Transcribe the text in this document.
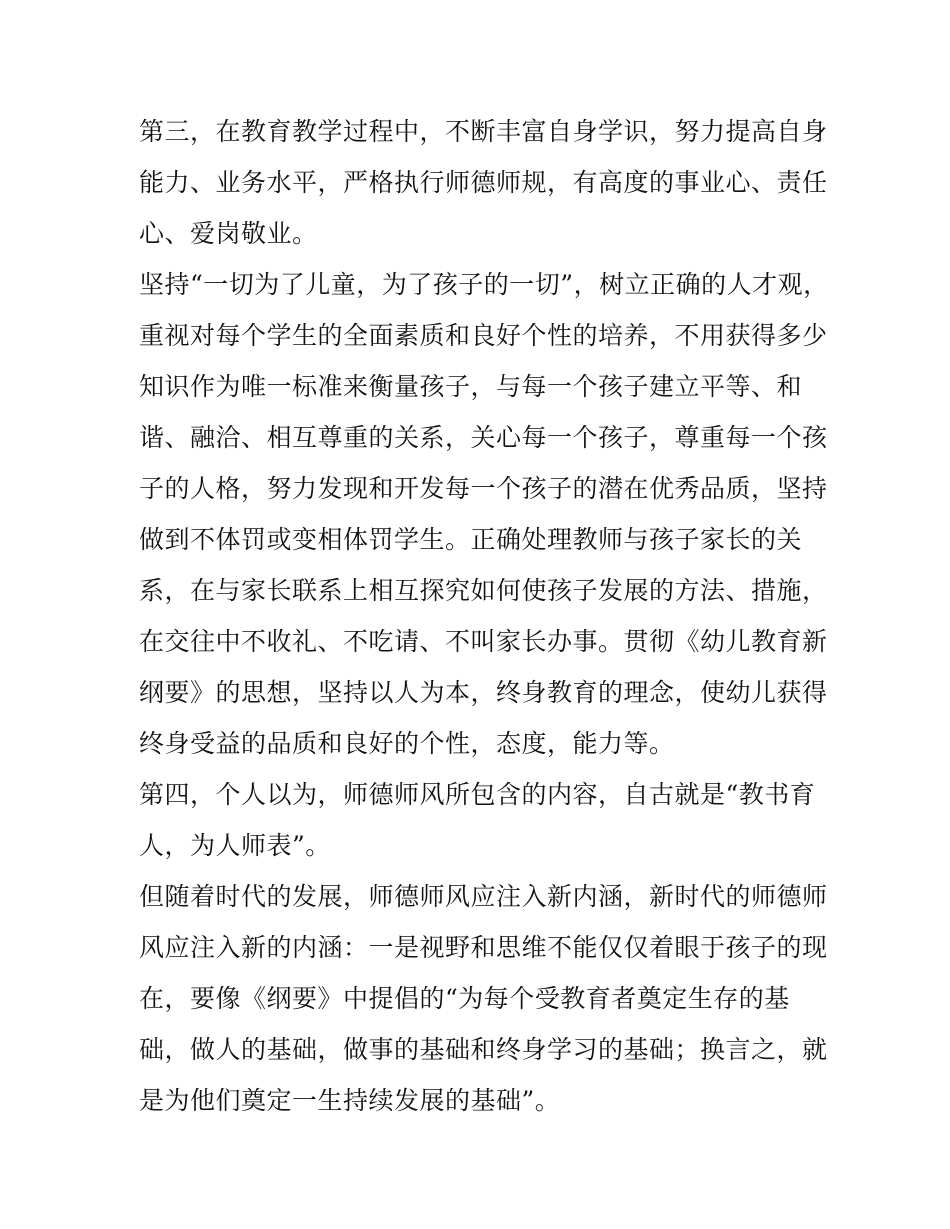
第三，在教育教学过程中，不断丰富自身学识，努力提高自身
能力、业务水平，严格执行师德师规，有高度的事业心、责任
心、爱岗敬业。
坚持“一切为了儿童，为了孩子的一切”，树立正确的人才观，
重视对每个学生的全面素质和良好个性的培养，不用获得多少
知识作为唯一标准来衡量孩子，与每一个孩子建立平等、和
谐、融洽、相互尊重的关系，关心每一个孩子，尊重每一个孩
子的人格，努力发现和开发每一个孩子的潜在优秀品质，坚持
做到不体罚或变相体罚学生。正确处理教师与孩子家长的关
系，在与家长联系上相互探究如何使孩子发展的方法、措施，
在交往中不收礼、不吃请、不叫家长办事。贯彻《幼儿教育新
纲要》的思想，坚持以人为本，终身教育的理念，使幼儿获得
终身受益的品质和良好的个性，态度，能力等。
第四，个人以为，师德师风所包含的内容，自古就是“教书育
人，为人师表”。
但随着时代的发展，师德师风应注入新内涵，新时代的师德师
风应注入新的内涵：一是视野和思维不能仅仅着眼于孩子的现
在，要像《纲要》中提倡的“为每个受教育者奠定生存的基
础，做人的基础，做事的基础和终身学习的基础；换言之，就
是为他们奠定一生持续发展的基础”。
